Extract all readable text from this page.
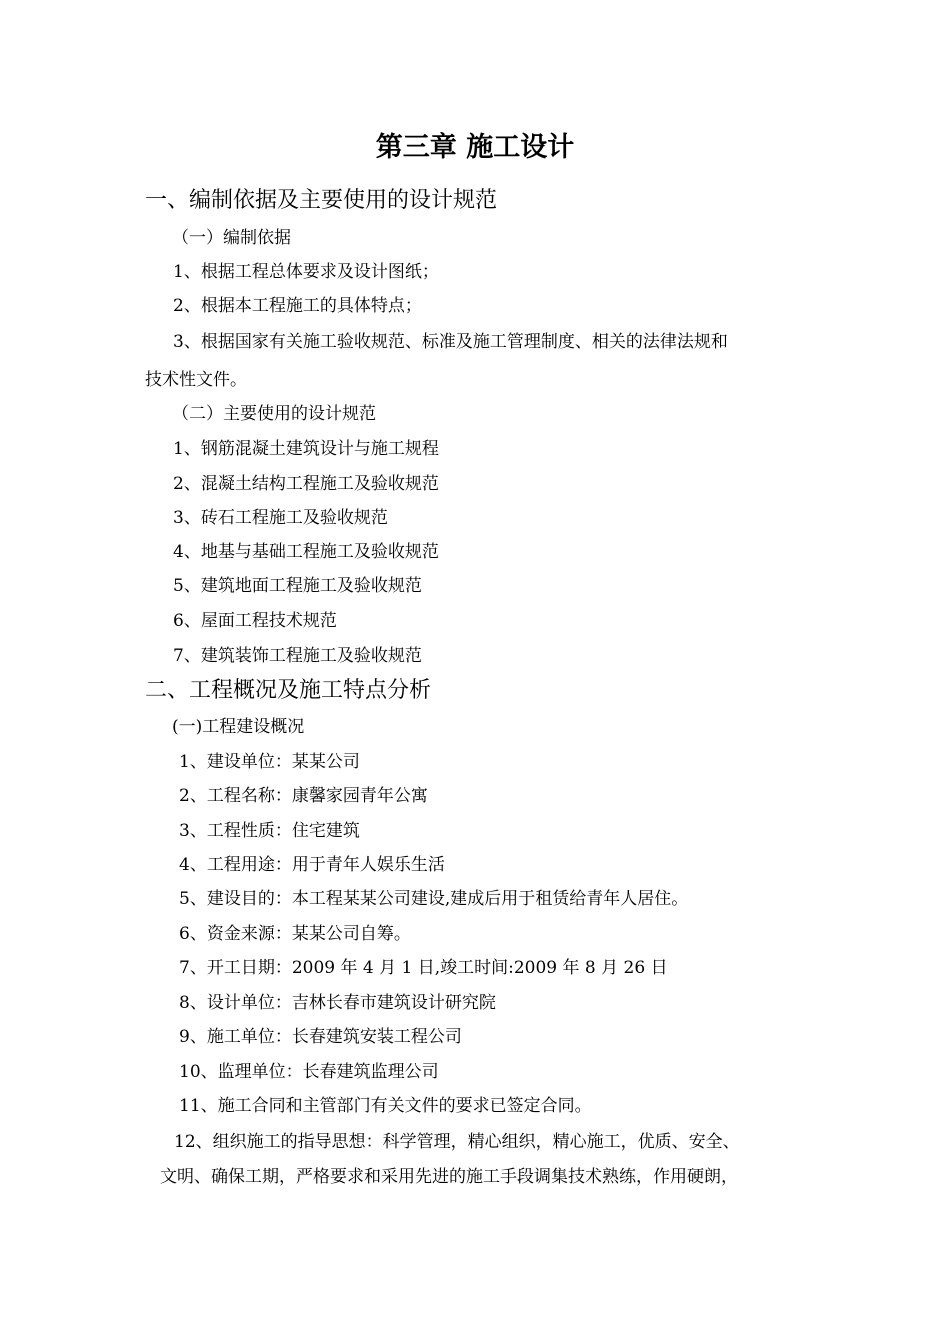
第三章 施工设计
一、编制依据及主要使用的设计规范
（一）编制依据
1、根据工程总体要求及设计图纸；
2、根据本工程施工的具体特点；
3、根据国家有关施工验收规范、标准及施工管理制度、相关的法律法规和
技术性文件。
（二）主要使用的设计规范
1、钢筋混凝土建筑设计与施工规程
2、混凝土结构工程施工及验收规范
3、砖石工程施工及验收规范
4、地基与基础工程施工及验收规范
5、建筑地面工程施工及验收规范
6、屋面工程技术规范
7、建筑装饰工程施工及验收规范
二、工程概况及施工特点分析
(一)工程建设概况
1、建设单位：某某公司
2、工程名称：康馨家园青年公寓
3、工程性质：住宅建筑
4、工程用途：用于青年人娱乐生活
5、建设目的：本工程某某公司建设,建成后用于租赁给青年人居住。
6、资金来源：某某公司自筹。
7、开工日期：2009 年 4 月 1 日,竣工时间:2009 年 8 月 26 日
8、设计单位：吉林长春市建筑设计研究院
9、施工单位：长春建筑安装工程公司
10、监理单位：长春建筑监理公司
11、施工合同和主管部门有关文件的要求已签定合同。
12、组织施工的指导思想：科学管理，精心组织，精心施工，优质、安全、
文明、确保工期，严格要求和采用先进的施工手段调集技术熟练，作用硬朗，
